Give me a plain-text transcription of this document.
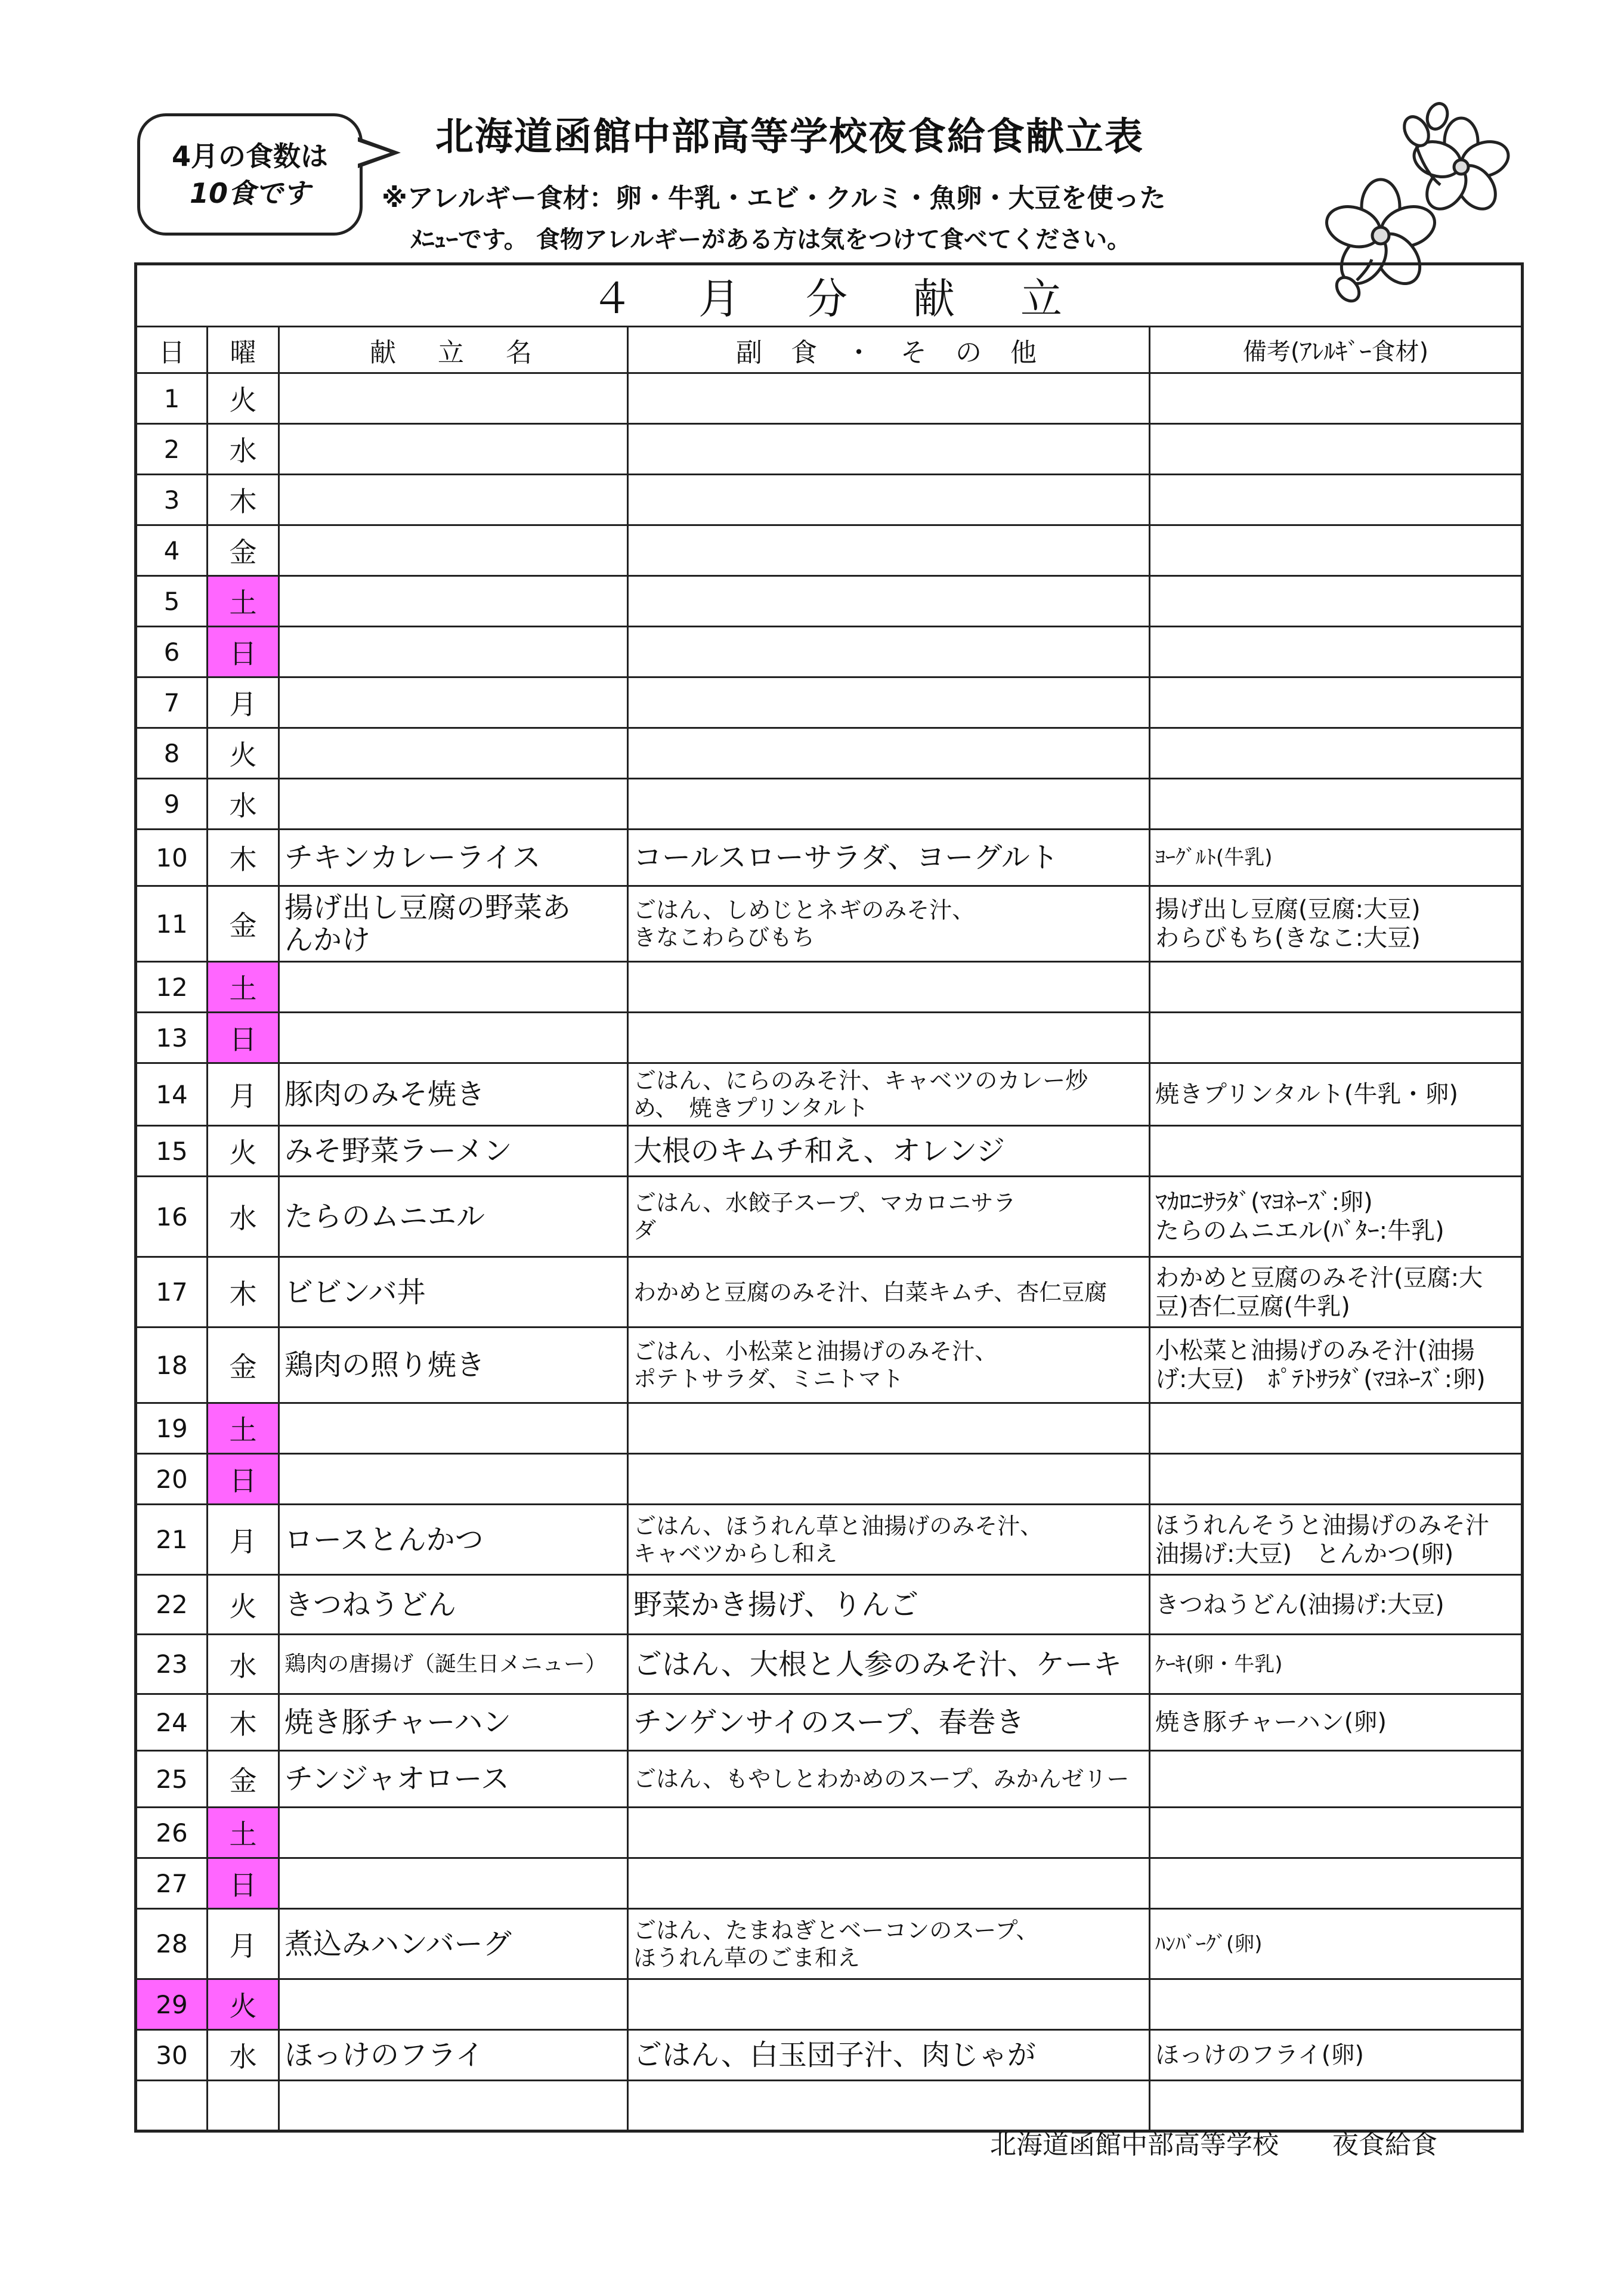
4月の食数は
10食です
北海道函館中部高等学校夜食給食献立表
※アレルギー食材：卵・牛乳・エビ・クルミ・魚卵・大豆を使った
ﾒﾆｭｰです。 食物アレルギーがある方は気をつけて食べてください。
４月分献立				
日	曜	献立名	副食・その他	備考(ｱﾚﾙｷﾞｰ食材)
1	火			
2	水			
3	木			
4	金			
5	土			
6	日			
7	月			
8	火			
9	水			
10	木	チキンカレーライス	コールスローサラダ、ヨーグルト	ﾖｰｸﾞﾙﾄ(牛乳)
11	金	揚げ出し豆腐の野菜あ
んかけ	ごはん、しめじとネギのみそ汁、
きなこわらびもち	揚げ出し豆腐(豆腐:大豆)
わらびもち(きなこ:大豆)
12	土			
13	日			
14	月	豚肉のみそ焼き	ごはん、にらのみそ汁、キャベツのカレー炒
め、　焼きプリンタルト	焼きプリンタルト(牛乳・卵)
15	火	みそ野菜ラーメン	大根のキムチ和え、オレンジ	
16	水	たらのムニエル	ごはん、水餃子スープ、マカロニサラ
ダ	ﾏｶﾛﾆｻﾗﾀﾞ(ﾏﾖﾈｰｽﾞ:卵)
たらのムニエル(ﾊﾞﾀｰ:牛乳)
17	木	ビビンバ丼	わかめと豆腐のみそ汁、白菜キムチ、杏仁豆腐	わかめと豆腐のみそ汁(豆腐:大
豆)杏仁豆腐(牛乳)
18	金	鶏肉の照り焼き	ごはん、小松菜と油揚げのみそ汁、
ポテトサラダ、ミニトマト	小松菜と油揚げのみそ汁(油揚
げ:大豆)　ﾎﾟﾃﾄｻﾗﾀﾞ(ﾏﾖﾈｰｽﾞ:卵)
19	土			
20	日			
21	月	ロースとんかつ	ごはん、ほうれん草と油揚げのみそ汁、
キャベツからし和え	ほうれんそうと油揚げのみそ汁
油揚げ:大豆)　とんかつ(卵)
22	火	きつねうどん	野菜かき揚げ、りんご	きつねうどん(油揚げ:大豆)
23	水	鶏肉の唐揚げ（誕生日メニュー）	ごはん、大根と人参のみそ汁、ケーキ	ｹｰｷ(卵・牛乳)
24	木	焼き豚チャーハン	チンゲンサイのスープ、春巻き	焼き豚チャーハン(卵)
25	金	チンジャオロース	ごはん、もやしとわかめのスープ、みかんゼリー	
26	土			
27	日			
28	月	煮込みハンバーグ	ごはん、たまねぎとベーコンのスープ、
ほうれん草のごま和え	ﾊﾝﾊﾞｰｸﾞ(卵)
29	火			
30	水	ほっけのフライ	ごはん、白玉団子汁、肉じゃが	ほっけのフライ(卵)

北海道函館中部高等学校 夜食給食
